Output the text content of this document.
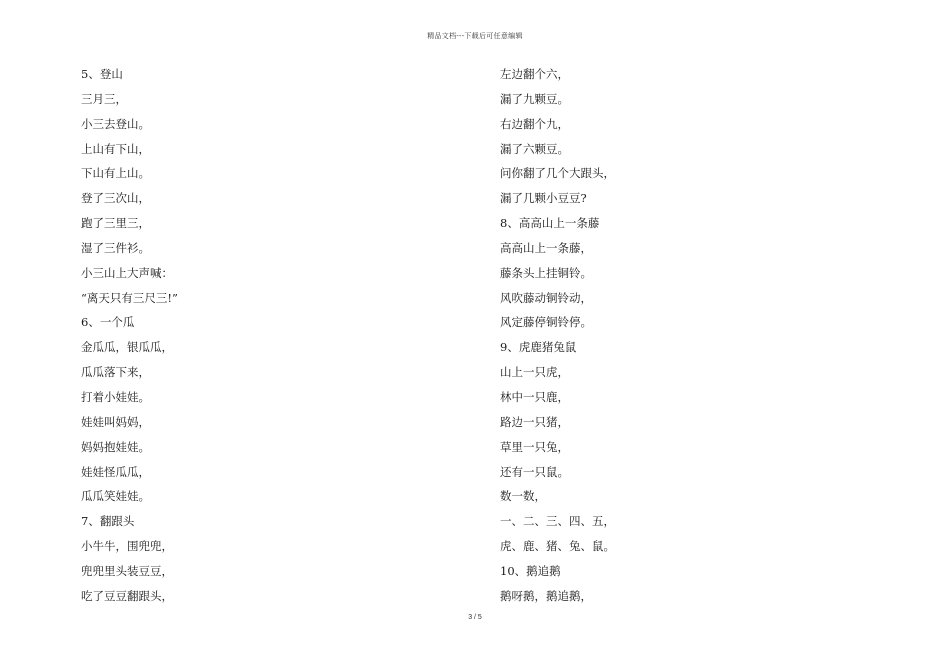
精品文档---下载后可任意编辑
5、登山
三月三，
小三去登山。
上山有下山，
下山有上山。
登了三次山，
跑了三里三，
湿了三件衫。
小三山上大声喊：
“离天只有三尺三!”
6、一个瓜
金瓜瓜，银瓜瓜，
瓜瓜落下来，
打着小娃娃。
娃娃叫妈妈，
妈妈抱娃娃。
娃娃怪瓜瓜，
瓜瓜笑娃娃。
7、翻跟头
小牛牛，围兜兜，
兜兜里头装豆豆，
吃了豆豆翻跟头，
左边翻个六，
漏了九颗豆。
右边翻个九，
漏了六颗豆。
问你翻了几个大跟头，
漏了几颗小豆豆?
8、高高山上一条藤
高高山上一条藤，
藤条头上挂铜铃。
风吹藤动铜铃动，
风定藤停铜铃停。
9、虎鹿猪兔鼠
山上一只虎，
林中一只鹿，
路边一只猪，
草里一只兔，
还有一只鼠。
数一数，
一、二、三、四、五，
虎、鹿、猪、兔、鼠。
10、鹅追鹅
鹅呀鹅，鹅追鹅，
3 / 5
